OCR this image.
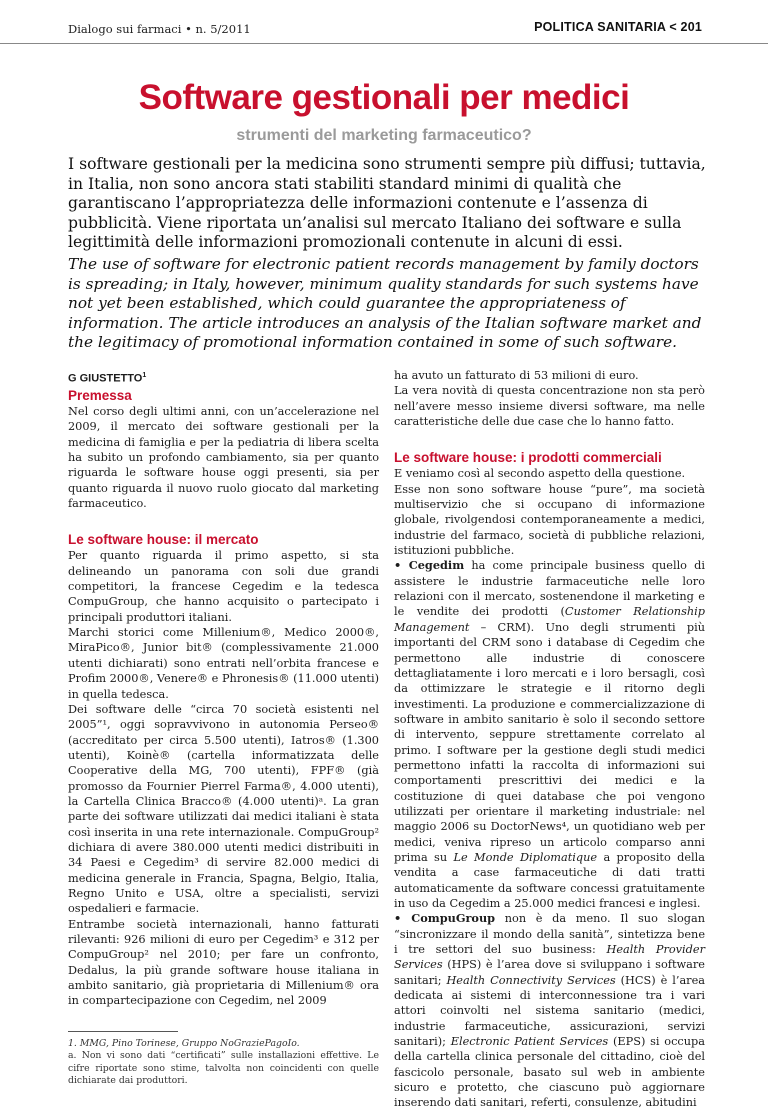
Dialogo sui farmaci • n. 5/2011	POLITICA SANITARIA < 201
Software gestionali per medici
strumenti del marketing farmaceutico?
I software gestionali per la medicina sono strumenti sempre più diffusi; tuttavia, in Italia, non sono ancora stati stabiliti standard minimi di qualità che garantiscano l’appropriatezza delle informazioni contenute e l’assenza di pubblicità. Viene riportata un’analisi sul mercato Italiano dei software e sulla legittimità delle informazioni promozionali contenute in alcuni di essi.
The use of software for electronic patient records management by family doctors is spreading; in Italy, however, minimum quality standards for such systems have not yet been established, which could guarantee the appropriateness of information. The article introduces an analysis of the Italian software market and the legitimacy of promotional information contained in some of such software.

G GIUSTETTO$^1$

Premessa

Nel corso degli ultimi anni, con un’accelerazione nel 2009, il mercato dei software gestionali per la medicina di famiglia e per la pediatria di libera scelta ha subito un profondo cambiamento, sia per quanto riguarda le software house oggi presenti, sia per quanto riguarda il nuovo ruolo giocato dal marketing farmaceutico.

Le software house: il mercato

Per quanto riguarda il primo aspetto, si sta delineando un panorama con soli due grandi competitori, la francese Cegedim e la tedesca CompuGroup, che hanno acquisito o partecipato i principali produttori italiani.

Marchi storici come Millenium®, Medico 2000®, MiraPico®, Junior bit® (complessivamente 21.000 utenti dichiarati) sono entrati nell’orbita francese e Profim 2000®, Venere® e Phronesis® (11.000 utenti) in quella tedesca.

Dei software delle “circa 70 società esistenti nel 2005”¹, oggi sopravvivono in autonomia Perseo® (accreditato per circa 5.500 utenti), Iatros® (1.300 utenti), Koinè® (cartella informatizzata delle Cooperative della MG, 700 utenti), FPF® (già promosso da Fournier Pierrel Farma®, 4.000 utenti), la Cartella Clinica Bracco® (4.000 utenti)ᵃ. La gran parte dei software utilizzati dai medici italiani è stata così inserita in una rete internazionale. CompuGroup² dichiara di avere 380.000 utenti medici distribuiti in 34 Paesi e Cegedim³ di servire 82.000 medici di medicina generale in Francia, Spagna, Belgio, Italia, Regno Unito e USA, oltre a specialisti, servizi ospedalieri e farmacie.

Entrambe società internazionali, hanno fatturati rilevanti: 926 milioni di euro per Cegedim³ e 312 per CompuGroup² nel 2010; per fare un confronto, Dedalus, la più grande software house italiana in ambito sanitario, già proprietaria di Millenium® ora in compartecipazione con Cegedim, nel 2009

1. MMG, Pino Torinese, Gruppo NoGraziePagoIo.

a. Non vi sono dati “certificati” sulle installazioni effettive. Le cifre riportate sono stime, talvolta non coincidenti con quelle dichiarate dai produttori.

ha avuto un fatturato di 53 milioni di euro.

La vera novità di questa concentrazione non sta però nell’avere messo insieme diversi software, ma nelle caratteristiche delle due case che lo hanno fatto.

Le software house: i prodotti commerciali

E veniamo così al secondo aspetto della questione.

Esse non sono software house “pure”, ma società multiservizio che si occupano di informazione globale, rivolgendosi contemporaneamente a medici, industrie del farmaco, società di pubbliche relazioni, istituzioni pubbliche.

• Cegedim ha come principale business quello di assistere le industrie farmaceutiche nelle loro relazioni con il mercato, sostenendone il marketing e le vendite dei prodotti (Customer Relationship Management – CRM). Uno degli strumenti più importanti del CRM sono i database di Cegedim che permettono alle industrie di conoscere dettagliatamente i loro mercati e i loro bersagli, così da ottimizzare le strategie e il ritorno degli investimenti. La produzione e commercializzazione di software in ambito sanitario è solo il secondo settore di intervento, seppure strettamente correlato al primo. I software per la gestione degli studi medici permettono infatti la raccolta di informazioni sui comportamenti prescrittivi dei medici e la costituzione di quei database che poi vengono utilizzati per orientare il marketing industriale: nel maggio 2006 su DoctorNews⁴, un quotidiano web per medici, veniva ripreso un articolo comparso anni prima su Le Monde Diplomatique a proposito della vendita a case farmaceutiche di dati tratti automaticamente da software concessi gratuitamente in uso da Cegedim a 25.000 medici francesi e inglesi.

• CompuGroup non è da meno. Il suo slogan “sincronizzare il mondo della sanità”, sintetizza bene i tre settori del suo business: Health Provider Services (HPS) è l’area dove si sviluppano i software sanitari; Health Connectivity Services (HCS) è l’area dedicata ai sistemi di interconnessione tra i vari attori coinvolti nel sistema sanitario (medici, industrie farmaceutiche, assicurazioni, servizi sanitari); Electronic Patient Services (EPS) si occupa della cartella clinica personale del cittadino, cioè del fascicolo personale, basato sul web in ambiente sicuro e protetto, che ciascuno può aggiornare inserendo dati sanitari, referti, consulenze, abitudini
